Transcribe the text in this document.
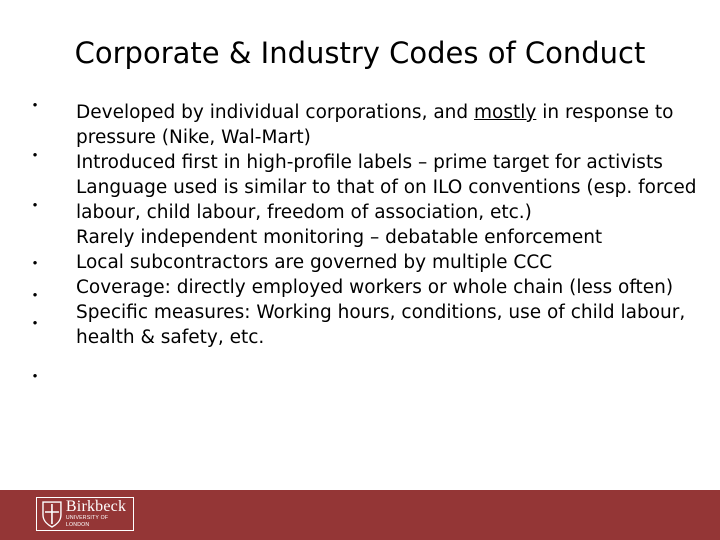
Corporate & Industry Codes of Conduct
•
•
•
•
•
•
•
Developed by individual corporations, and mostly in response to pressure (Nike, Wal-Mart)
Introduced first in high-profile labels – prime target for activists
Language used is similar to that of on ILO conventions (esp. forced labour, child labour, freedom of association, etc.)
Rarely independent monitoring – debatable enforcement
Local subcontractors are governed by multiple CCC
Coverage: directly employed workers or whole chain (less often)
Specific measures: Working hours, conditions, use of child labour, health & safety, etc.
Birkbeck
UNIVERSITY OF LONDON
